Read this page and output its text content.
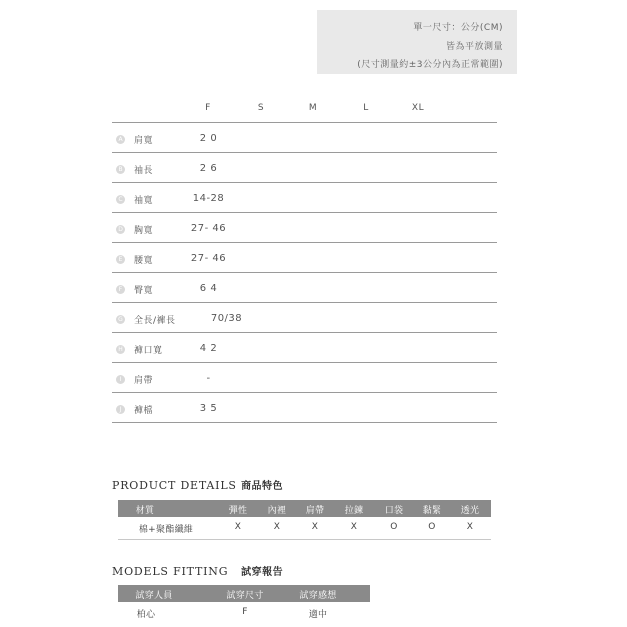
單一尺寸：公分(CM)
皆為平放測量
(尺寸測量約±3公分內為正常範圍)
F	S	M	L	XL
A 肩寬	2 0
B 袖長	2 6
C 袖寬	14-28
D 胸寬	27- 46
E 腰寬	27- 46
F	臀寬	6 4
G 全長/褲長	70/38
H 褲口寬	4 2
I	肩帶	-
J	褲檔	3 5
PRODUCT DETAILS 商品特色
材質	彈性 內裡 肩帶 拉鍊 口袋 黏緊 透光
棉+聚酯纖維	X	X	X	X	O	O	X
MODELS FITTING 試穿報告
試穿人員	試穿尺寸	試穿感想
柏心	F	適中
